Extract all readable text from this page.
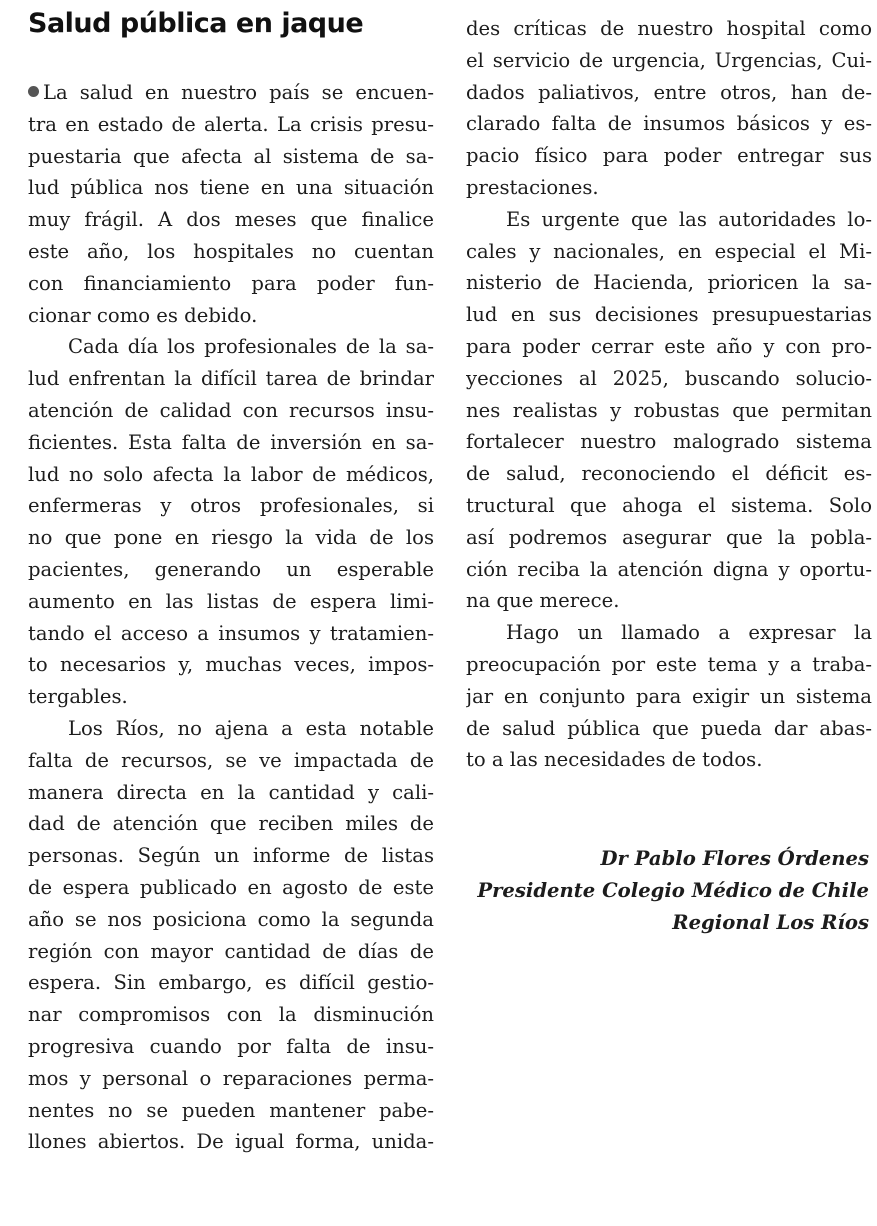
Salud pública en jaque

La salud en nuestro país se encuen-
tra en estado de alerta. La crisis presu-
puestaria que afecta al sistema de sa-
lud pública nos tiene en una situación
muy frágil. A dos meses que finalice
este año, los hospitales no cuentan
con financiamiento para poder fun-
cionar como es debido.

Cada día los profesionales de la sa-
lud enfrentan la difícil tarea de brindar
atención de calidad con recursos insu-
ficientes. Esta falta de inversión en sa-
lud no solo afecta la labor de médicos,
enfermeras y otros profesionales, si
no que pone en riesgo la vida de los
pacientes, generando un esperable
aumento en las listas de espera limi-
tando el acceso a insumos y tratamien-
to necesarios y, muchas veces, impos-
tergables.

Los Ríos, no ajena a esta notable
falta de recursos, se ve impactada de
manera directa en la cantidad y cali-
dad de atención que reciben miles de
personas. Según un informe de listas
de espera publicado en agosto de este
año se nos posiciona como la segunda
región con mayor cantidad de días de
espera. Sin embargo, es difícil gestio-
nar compromisos con la disminución
progresiva cuando por falta de insu-
mos y personal o reparaciones perma-
nentes no se pueden mantener pabe-
llones abiertos. De igual forma, unida-

des críticas de nuestro hospital como
el servicio de urgencia, Urgencias, Cui-
dados paliativos, entre otros, han de-
clarado falta de insumos básicos y es-
pacio físico para poder entregar sus
prestaciones.

Es urgente que las autoridades lo-
cales y nacionales, en especial el Mi-
nisterio de Hacienda, prioricen la sa-
lud en sus decisiones presupuestarias
para poder cerrar este año y con pro-
yecciones al 2025, buscando solucio-
nes realistas y robustas que permitan
fortalecer nuestro malogrado sistema
de salud, reconociendo el déficit es-
tructural que ahoga el sistema. Solo
así podremos asegurar que la pobla-
ción reciba la atención digna y oportu-
na que merece.

Hago un llamado a expresar la
preocupación por este tema y a traba-
jar en conjunto para exigir un sistema
de salud pública que pueda dar abas-
to a las necesidades de todos.

Dr Pablo Flores Órdenes
Presidente Colegio Médico de Chile
Regional Los Ríos
